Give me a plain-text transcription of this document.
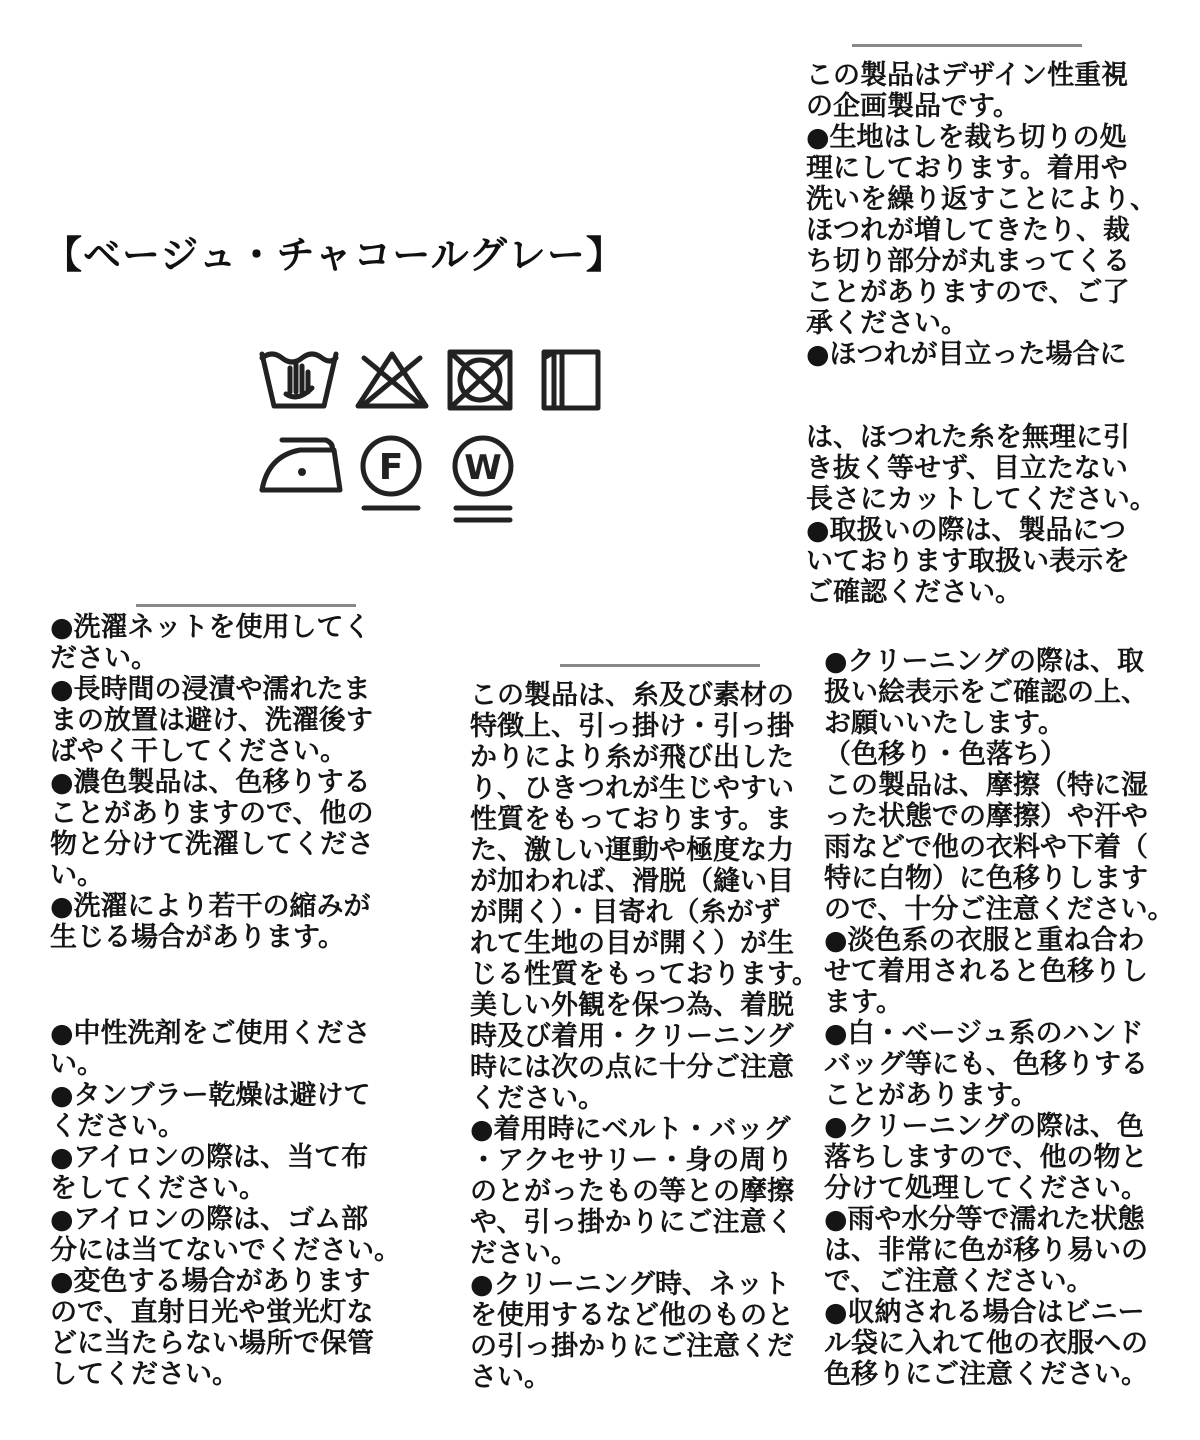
【ベージュ・チャコールグレー】
F W
この製品はデザイン性重視
の企画製品です。
●生地はしを裁ち切りの処
理にしております。着用や
洗いを繰り返すことにより、
ほつれが増してきたり、裁
ち切り部分が丸まってくる
ことがありますので、ご了
承ください。
●ほつれが目立った場合に
は、ほつれた糸を無理に引
き抜く等せず、目立たない
長さにカットしてください。
●取扱いの際は、製品につ
いております取扱い表示を
ご確認ください。
●洗濯ネットを使用してく
ださい。
●長時間の浸漬や濡れたま
まの放置は避け、洗濯後す
ばやく干してください。
●濃色製品は、色移りする
ことがありますので、他の
物と分けて洗濯してくださ
い。
●洗濯により若干の縮みが
生じる場合があります。
●中性洗剤をご使用くださ
い。
●タンブラー乾燥は避けて
ください。
●アイロンの際は、当て布
をしてください。
●アイロンの際は、ゴム部
分には当てないでください。
●変色する場合があります
ので、直射日光や蛍光灯な
どに当たらない場所で保管
してください。
この製品は、糸及び素材の
特徴上、引っ掛け・引っ掛
かりにより糸が飛び出した
り、ひきつれが生じやすい
性質をもっております。ま
た、激しい運動や極度な力
が加われば、滑脱（縫い目
が開く）・目寄れ（糸がず
れて生地の目が開く）が生
じる性質をもっております。
美しい外観を保つ為、着脱
時及び着用・クリーニング
時には次の点に十分ご注意
ください。
●着用時にベルト・バッグ
・アクセサリー・身の周り
のとがったもの等との摩擦
や、引っ掛かりにご注意く
ださい。
●クリーニング時、ネット
を使用するなど他のものと
の引っ掛かりにご注意くだ
さい。
●クリーニングの際は、取
扱い絵表示をご確認の上、
お願いいたします。
（色移り・色落ち）
この製品は、摩擦（特に湿
った状態での摩擦）や汗や
雨などで他の衣料や下着（
特に白物）に色移りします
ので、十分ご注意ください。
●淡色系の衣服と重ね合わ
せて着用されると色移りし
ます。
●白・ベージュ系のハンド
バッグ等にも、色移りする
ことがあります。
●クリーニングの際は、色
落ちしますので、他の物と
分けて処理してください。
●雨や水分等で濡れた状態
は、非常に色が移り易いの
で、ご注意ください。
●収納される場合はビニー
ル袋に入れて他の衣服への
色移りにご注意ください。
